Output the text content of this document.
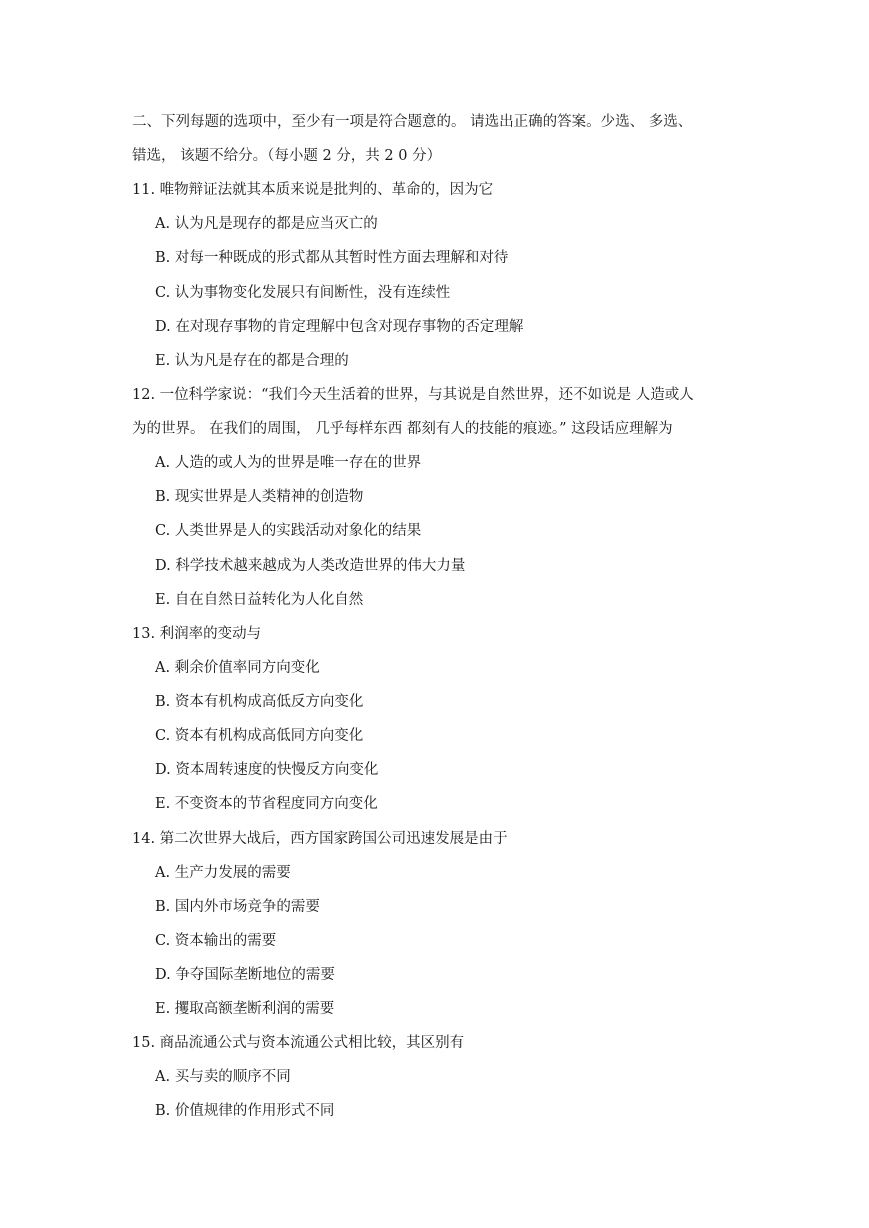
二、下列每题的选项中，至少有一项是符合题意的。 请选出正确的答案。少选、 多选、
错选， 该题不给分。（每小题 2 分，共 2 0 分）
11. 唯物辩证法就其本质来说是批判的、革命的，因为它
A. 认为凡是现存的都是应当灭亡的
B. 对每一种既成的形式都从其暂时性方面去理解和对待
C. 认为事物变化发展只有间断性，没有连续性
D. 在对现存事物的肯定理解中包含对现存事物的否定理解
E. 认为凡是存在的都是合理的
12. 一位科学家说：“我们今天生活着的世界，与其说是自然世界，还不如说是 人造或人
为的世界。 在我们的周围， 几乎每样东西 都刻有人的技能的痕迹。” 这段话应理解为
A. 人造的或人为的世界是唯一存在的世界
B. 现实世界是人类精神的创造物
C. 人类世界是人的实践活动对象化的结果
D. 科学技术越来越成为人类改造世界的伟大力量
E. 自在自然日益转化为人化自然
13. 利润率的变动与
A. 剩余价值率同方向变化
B. 资本有机构成高低反方向变化
C. 资本有机构成高低同方向变化
D. 资本周转速度的快慢反方向变化
E. 不变资本的节省程度同方向变化
14. 第二次世界大战后，西方国家跨国公司迅速发展是由于
A. 生产力发展的需要
B. 国内外市场竞争的需要
C. 资本输出的需要
D. 争夺国际垄断地位的需要
E. 攫取高额垄断利润的需要
15. 商品流通公式与资本流通公式相比较，其区别有
A. 买与卖的顺序不同
B. 价值规律的作用形式不同
